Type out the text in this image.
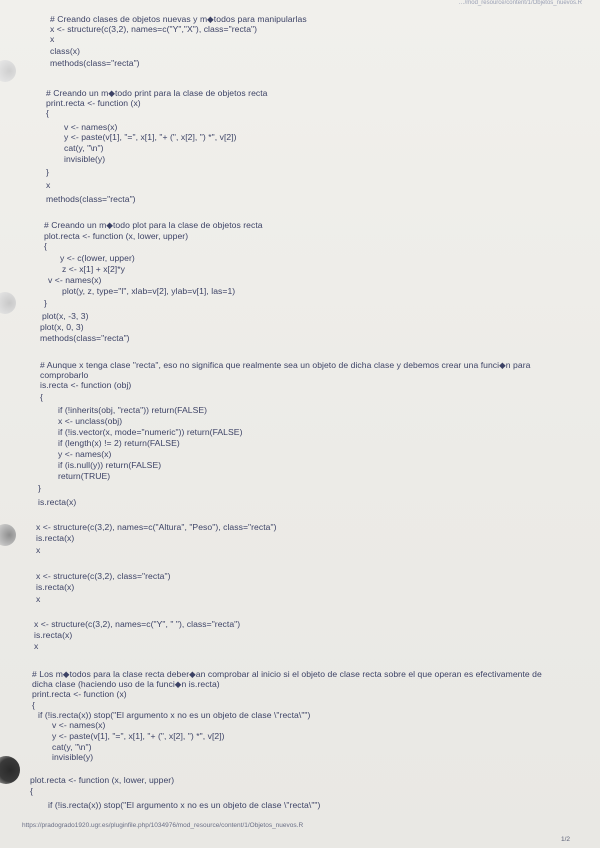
…/mod_resource/content/1/Objetos_nuevos.R
# Creando clases de objetos nuevas y m◆todos para manipularlas
x <- structure(c(3,2), names=c("Y","X"), class="recta")
x
class(x)
methods(class="recta")
# Creando un m◆todo print para la clase de objetos recta
print.recta <- function (x)
{
v <- names(x)
y <- paste(v[1], "=", x[1], "+ (", x[2], ") *", v[2])
cat(y, "\n")
invisible(y)
}
x
methods(class="recta")
# Creando un m◆todo plot para la clase de objetos recta
plot.recta <- function (x, lower, upper)
{
y <- c(lower, upper)
z <- x[1] + x[2]*y
v <- names(x)
plot(y, z, type="l", xlab=v[2], ylab=v[1], las=1)
}
plot(x, -3, 3)
plot(x, 0, 3)
methods(class="recta")
# Aunque x tenga clase "recta", eso no significa que realmente sea un objeto de dicha clase y debemos crear una funci◆n para
comprobarlo
is.recta <- function (obj)
{
if (!inherits(obj, "recta")) return(FALSE)
x <- unclass(obj)
if (!is.vector(x, mode="numeric")) return(FALSE)
if (length(x) != 2) return(FALSE)
y <- names(x)
if (is.null(y)) return(FALSE)
return(TRUE)
}
is.recta(x)
x <- structure(c(3,2), names=c("Altura", "Peso"), class="recta")
is.recta(x)
x
x <- structure(c(3,2), class="recta")
is.recta(x)
x
x <- structure(c(3,2), names=c("Y", " "), class="recta")
is.recta(x)
x
# Los m◆todos para la clase recta deber◆an comprobar al inicio si el objeto de clase recta sobre el que operan es efectivamente de
dicha clase (haciendo uso de la funci◆n is.recta)
print.recta <- function (x)
{
if (!is.recta(x)) stop("El argumento x no es un objeto de clase \"recta\"")
v <- names(x)
y <- paste(v[1], "=", x[1], "+ (", x[2], ") *", v[2])
cat(y, "\n")
invisible(y)
plot.recta <- function (x, lower, upper)
{
if (!is.recta(x)) stop("El argumento x no es un objeto de clase \"recta\"")
https://pradogrado1920.ugr.es/pluginfile.php/1034976/mod_resource/content/1/Objetos_nuevos.R
1/2
